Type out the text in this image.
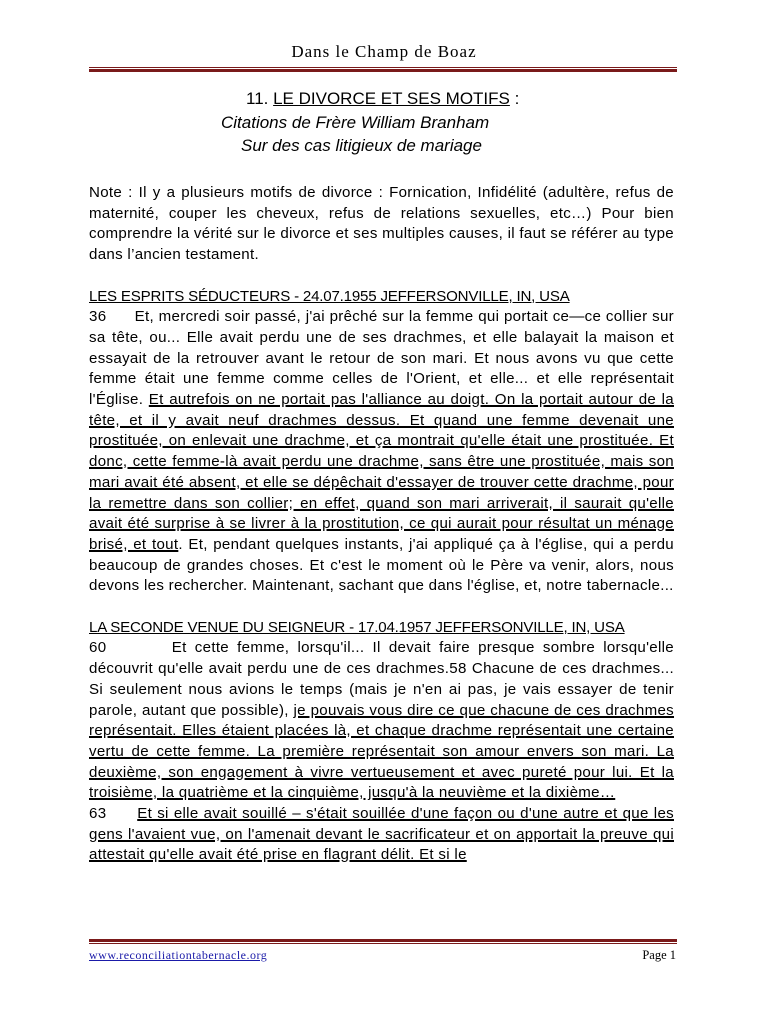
Dans le Champ de Boaz
11. LE DIVORCE ET SES MOTIFS :
Citations de Frère William Branham
Sur des cas litigieux de mariage

Note : Il y a plusieurs motifs de divorce : Fornication, Infidélité (adultère, refus de maternité, couper les cheveux, refus de relations sexuelles, etc…) Pour bien comprendre la vérité sur le divorce et ses multiples causes, il faut se référer au type dans l’ancien testament.

LES ESPRITS SÉDUCTEURS - 24.07.1955 JEFFERSONVILLE, IN, USA

36 Et, mercredi soir passé, j'ai prêché sur la femme qui portait ce—ce collier sur sa tête, ou... Elle avait perdu une de ses drachmes, et elle balayait la maison et essayait de la retrouver avant le retour de son mari. Et nous avons vu que cette femme était une femme comme celles de l'Orient, et elle... et elle représentait l'Église. Et autrefois on ne portait pas l'alliance au doigt. On la portait autour de la tête, et il y avait neuf drachmes dessus. Et quand une femme devenait une prostituée, on enlevait une drachme, et ça montrait qu'elle était une prostituée. Et donc, cette femme-là avait perdu une drachme, sans être une prostituée, mais son mari avait été absent, et elle se dépêchait d'essayer de trouver cette drachme, pour la remettre dans son collier; en effet, quand son mari arriverait, il saurait qu'elle avait été surprise à se livrer à la prostitution, ce qui aurait pour résultat un ménage brisé, et tout. Et, pendant quelques instants, j'ai appliqué ça à l'église, qui a perdu beaucoup de grandes choses. Et c'est le moment où le Père va venir, alors, nous devons les rechercher. Maintenant, sachant que dans l'église, et, notre tabernacle...

LA SECONDE VENUE DU SEIGNEUR - 17.04.1957 JEFFERSONVILLE, IN, USA

60	Et cette femme, lorsqu'il... Il devait faire presque sombre lorsqu'elle découvrit qu'elle avait perdu une de ces drachmes.58 Chacune de ces drachmes... Si seulement nous avions le temps (mais je n'en ai pas, je vais essayer de tenir parole, autant que possible), je pouvais vous dire ce que chacune de ces drachmes représentait. Elles étaient placées là, et chaque drachme représentait une certaine vertu de cette femme. La première représentait son amour envers son mari. La deuxième, son engagement à vivre vertueusement et avec pureté pour lui. Et la troisième, la quatrième et la cinquième, jusqu'à la neuvième et la dixième…

63 Et si elle avait souillé – s'était souillée d'une façon ou d'une autre et que les gens l'avaient vue, on l'amenait devant le sacrificateur et on apportait la preuve qui attestait qu'elle avait été prise en flagrant délit. Et si le

www.reconciliationtabernacle.org	Page 1
